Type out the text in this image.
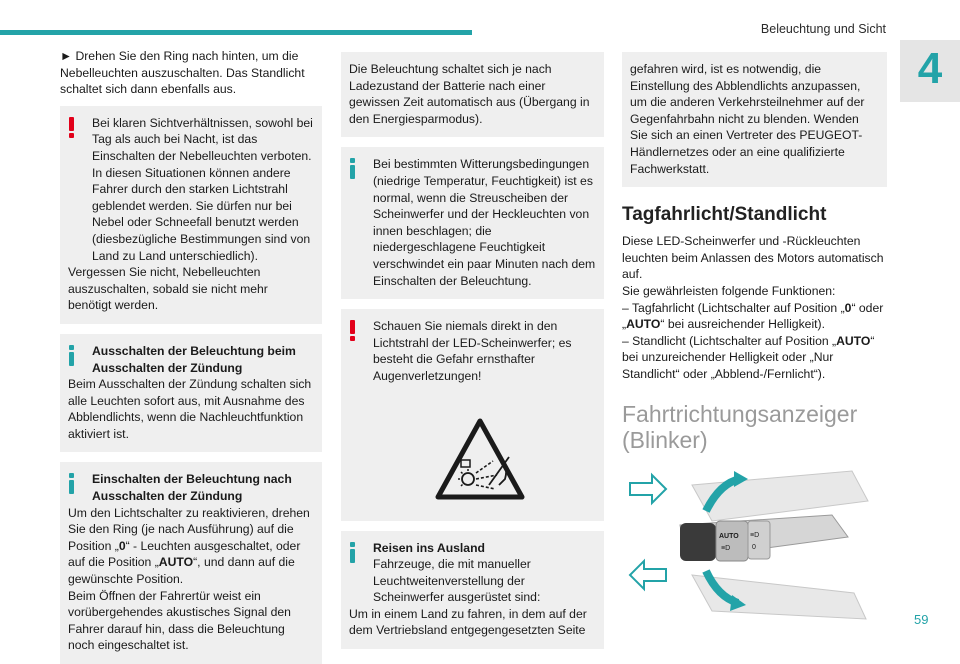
Beleuchtung und Sicht
4

► Drehen Sie den Ring nach hinten, um die Nebelleuchten auszuschalten. Das Standlicht schaltet sich dann ebenfalls aus.

Bei klaren Sichtverhältnissen, sowohl bei Tag als auch bei Nacht, ist das Einschalten der Nebelleuchten verboten. In diesen Situationen können andere Fahrer durch den starken Lichtstrahl geblendet werden. Sie dürfen nur bei Nebel oder Schneefall benutzt werden (diesbezügliche Bestimmungen sind von Land zu Land unterschiedlich).

Vergessen Sie nicht, Nebelleuchten auszuschalten, sobald sie nicht mehr benötigt werden.

Ausschalten der Beleuchtung beim Ausschalten der Zündung

Beim Ausschalten der Zündung schalten sich alle Leuchten sofort aus, mit Ausnahme des Abblendlichts, wenn die Nachleuchtfunktion aktiviert ist.

Einschalten der Beleuchtung nach Ausschalten der Zündung

Um den Lichtschalter zu reaktivieren, drehen Sie den Ring (je nach Ausführung) auf die Position „0“ - Leuchten ausgeschaltet, oder auf die Position „AUTO“, und dann auf die gewünschte Position.

Beim Öffnen der Fahrertür weist ein vorübergehendes akustisches Signal den Fahrer darauf hin, dass die Beleuchtung noch eingeschaltet ist.

Die Beleuchtung schaltet sich je nach Ladezustand der Batterie nach einer gewissen Zeit automatisch aus (Übergang in den Energiesparmodus).

Bei bestimmten Witterungsbedingungen (niedrige Temperatur, Feuchtigkeit) ist es normal, wenn die Streuscheiben der Scheinwerfer und der Heckleuchten von innen beschlagen; die niedergeschlagene Feuchtigkeit verschwindet ein paar Minuten nach dem Einschalten der Beleuchtung.

Schauen Sie niemals direkt in den Lichtstrahl der LED-Scheinwerfer; es besteht die Gefahr ernsthafter Augenverletzungen!

Reisen ins Ausland

Fahrzeuge, die mit manueller Leuchtweitenverstellung der Scheinwerfer ausgerüstet sind:

Um in einem Land zu fahren, in dem auf der dem Vertriebsland entgegengesetzten Seite

gefahren wird, ist es notwendig, die Einstellung des Abblendlichts anzupassen, um die anderen Verkehrsteilnehmer auf der Gegenfahrbahn nicht zu blenden. Wenden Sie sich an einen Vertreter des PEUGEOT-Händlernetzes oder an eine qualifizierte Fachwerkstatt.

Tagfahrlicht/Standlicht

Diese LED-Scheinwerfer und -Rückleuchten leuchten beim Anlassen des Motors automatisch auf.

Sie gewährleisten folgende Funktionen:

– Tagfahrlicht (Lichtschalter auf Position „0“ oder „AUTO“ bei ausreichender Helligkeit).

– Standlicht (Lichtschalter auf Position „AUTO“ bei unzureichender Helligkeit oder „Nur Standlicht“ oder „Abblend-/Fernlicht“).

Fahrtrichtungsanzeiger
(Blinker)
AUTO
≡D
≡D
0
59
